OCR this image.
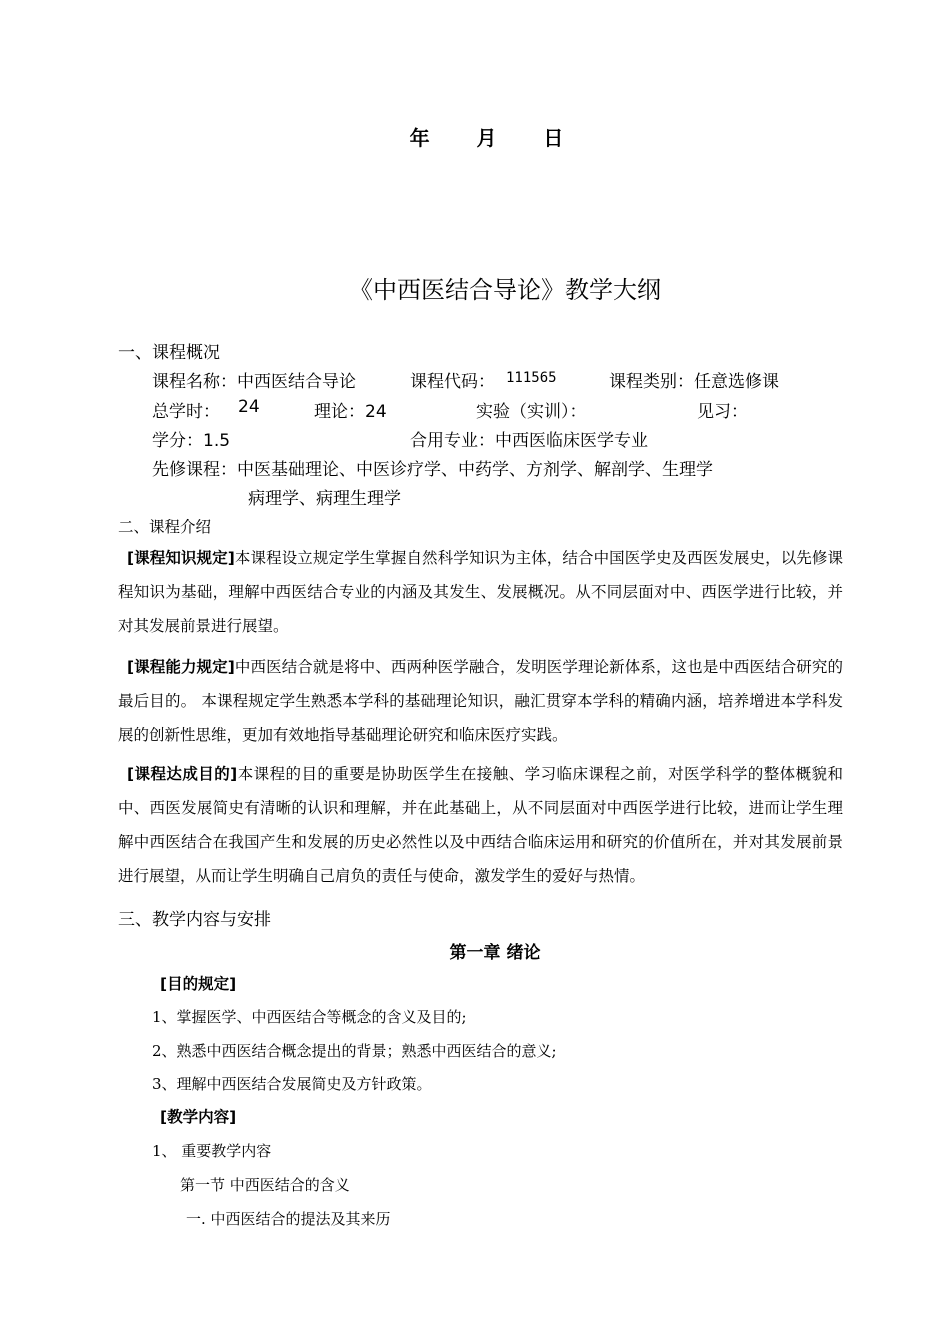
年 月 日
《中西医结合导论》教学大纲
一、课程概况
课程名称：中西医结合导论	课程代码： 111565	课程类别：任意选修课
总学时： 24	理论：24	实验（实训）：	见习：
学分：1.5	合用专业：中西医临床医学专业
先修课程：中医基础理论、中医诊疗学、中药学、方剂学、解剖学、生理学
病理学、病理生理学
二、课程介绍
[课程知识规定]本课程设立规定学生掌握自然科学知识为主体，结合中国医学史及西医发展史，以先修课程知识为基础，理解中西医结合专业的内涵及其发生、发展概况。从不同层面对中、西医学进行比较，并对其发展前景进行展望。
[课程能力规定]中西医结合就是将中、西两种医学融合，发明医学理论新体系，这也是中西医结合研究的最后目的。 本课程规定学生熟悉本学科的基础理论知识，融汇贯穿本学科的精确内涵，培养增进本学科发展的创新性思维，更加有效地指导基础理论研究和临床医疗实践。
[课程达成目的]本课程的目的重要是协助医学生在接触、学习临床课程之前，对医学科学的整体概貌和中、西医发展简史有清晰的认识和理解，并在此基础上，从不同层面对中西医学进行比较，进而让学生理解中西医结合在我国产生和发展的历史必然性以及中西结合临床运用和研究的价值所在，并对其发展前景进行展望，从而让学生明确自己肩负的责任与使命，激发学生的爱好与热情。
三、教学内容与安排
第一章 绪论
[目的规定]
1、掌握医学、中西医结合等概念的含义及目的;
2、熟悉中西医结合概念提出的背景；熟悉中西医结合的意义;
3、理解中西医结合发展简史及方针政策。
[教学内容]
1、 重要教学内容
第一节 中西医结合的含义
一. 中西医结合的提法及其来历
